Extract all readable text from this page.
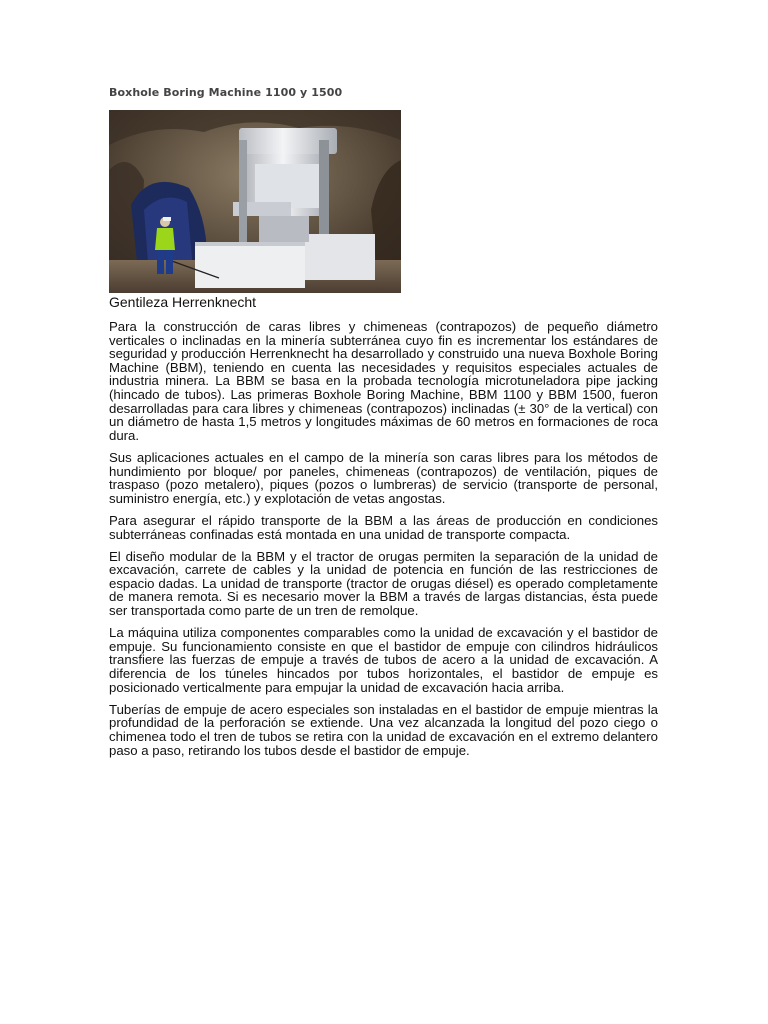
Boxhole Boring Machine 1100 y 1500
Gentileza Herrenknecht

Para la construcción de caras libres y chimeneas (contrapozos) de pequeño diámetro verticales o inclinadas en la minería subterránea cuyo fin es incrementar los estándares de seguridad y producción Herrenknecht ha desarrollado y construido una nueva Boxhole Boring Machine (BBM), teniendo en cuenta las necesidades y requisitos especiales actuales de industria minera. La BBM se basa en la probada tecnología microtuneladora pipe jacking (hincado de tubos). Las primeras Boxhole Boring Machine, BBM 1100 y BBM 1500, fueron desarrolladas para cara libres y chimeneas (contrapozos) inclinadas (± 30° de la vertical) con un diámetro de hasta 1,5 metros y longitudes máximas de 60 metros en formaciones de roca dura.

Sus aplicaciones actuales en el campo de la minería son caras libres para los métodos de hundimiento por bloque/ por paneles, chimeneas (contrapozos) de ventilación, piques de traspaso (pozo metalero), piques (pozos o lumbreras) de servicio (transporte de personal, suministro energía, etc.) y explotación de vetas angostas.

Para asegurar el rápido transporte de la BBM a las áreas de producción en condiciones subterráneas confinadas está montada en una unidad de transporte compacta.

El diseño modular de la BBM y el tractor de orugas permiten la separación de la unidad de excavación, carrete de cables y la unidad de potencia en función de las restricciones de espacio dadas. La unidad de transporte (tractor de orugas diésel) es operado completamente de manera remota. Si es necesario mover la BBM a través de largas distancias, ésta puede ser transportada como parte de un tren de remolque.

La máquina utiliza componentes comparables como la unidad de excavación y el bastidor de empuje. Su funcionamiento consiste en que el bastidor de empuje con cilindros hidráulicos transfiere las fuerzas de empuje a través de tubos de acero a la unidad de excavación. A diferencia de los túneles hincados por tubos horizontales, el bastidor de empuje es posicionado verticalmente para empujar la unidad de excavación hacia arriba.

Tuberías de empuje de acero especiales son instaladas en el bastidor de empuje mientras la profundidad de la perforación se extiende. Una vez alcanzada la longitud del pozo ciego o chimenea todo el tren de tubos se retira con la unidad de excavación en el extremo delantero paso a paso, retirando los tubos desde el bastidor de empuje.
